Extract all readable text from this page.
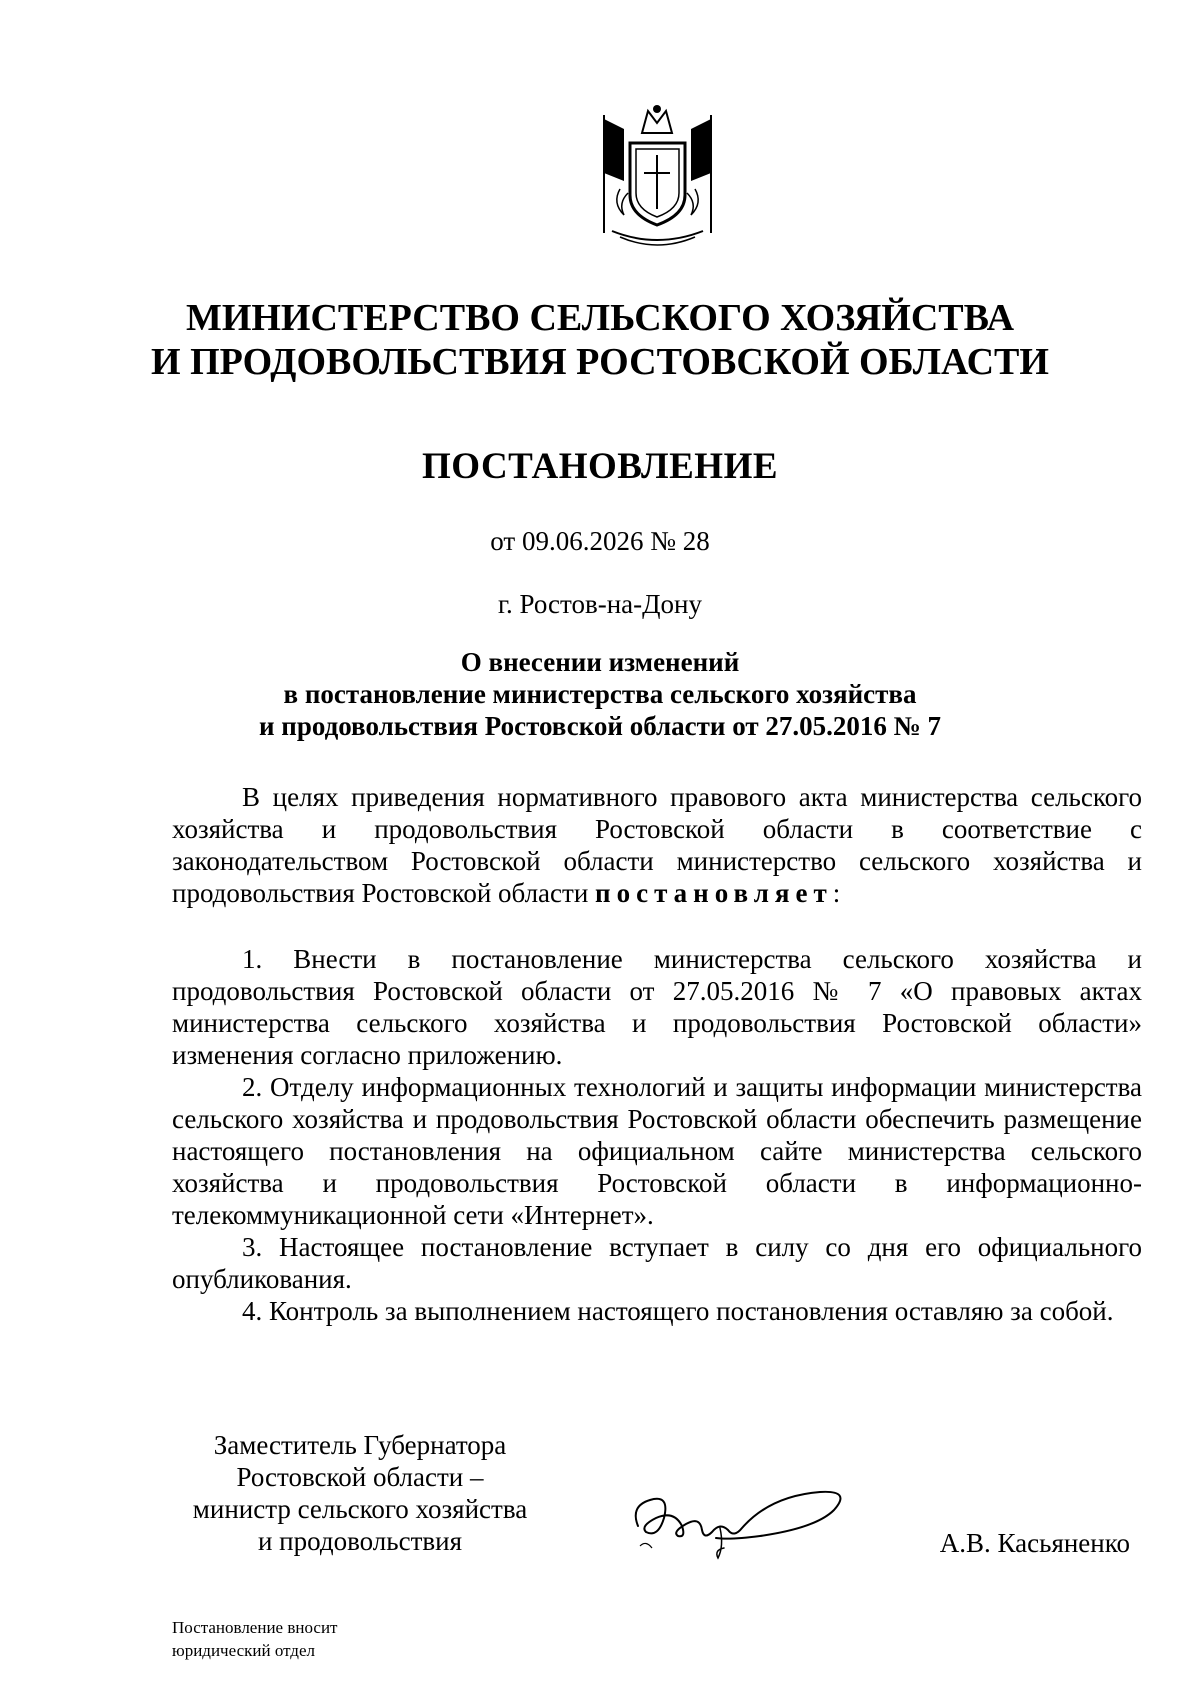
МИНИСТЕРСТВО СЕЛЬСКОГО ХОЗЯЙСТВА

И ПРОДОВОЛЬСТВИЯ РОСТОВСКОЙ ОБЛАСТИ

ПОСТАНОВЛЕНИЕ

от 09.06.2026 № 28
г. Ростов-на-Дону
О внесении изменений
в постановление министерства сельского хозяйства
и продовольствия Ростовской области от 27.05.2016 № 7

В целях приведения нормативного правового акта министерства сельского хозяйства и продовольствия Ростовской области в соответствие с законодательством Ростовской области министерство сельского хозяйства и продовольствия Ростовской области постановляет:

1. Внести в постановление министерства сельского хозяйства и продовольствия Ростовской области от 27.05.2016 № 7 «О правовых актах министерства сельского хозяйства и продовольствия Ростовской области» изменения согласно приложению.

2. Отделу информационных технологий и защиты информации министерства сельского хозяйства и продовольствия Ростовской области обеспечить размещение настоящего постановления на официальном сайте министерства сельского хозяйства и продовольствия Ростовской области в информационно-телекоммуникационной сети «Интернет».

3. Настоящее постановление вступает в силу со дня его официального опубликования.

4. Контроль за выполнением настоящего постановления оставляю за собой.

Заместитель Губернатора
Ростовской области –
министр сельского хозяйства
и продовольствия	А.В. Касьяненко
Постановление вносит
юридический отдел
